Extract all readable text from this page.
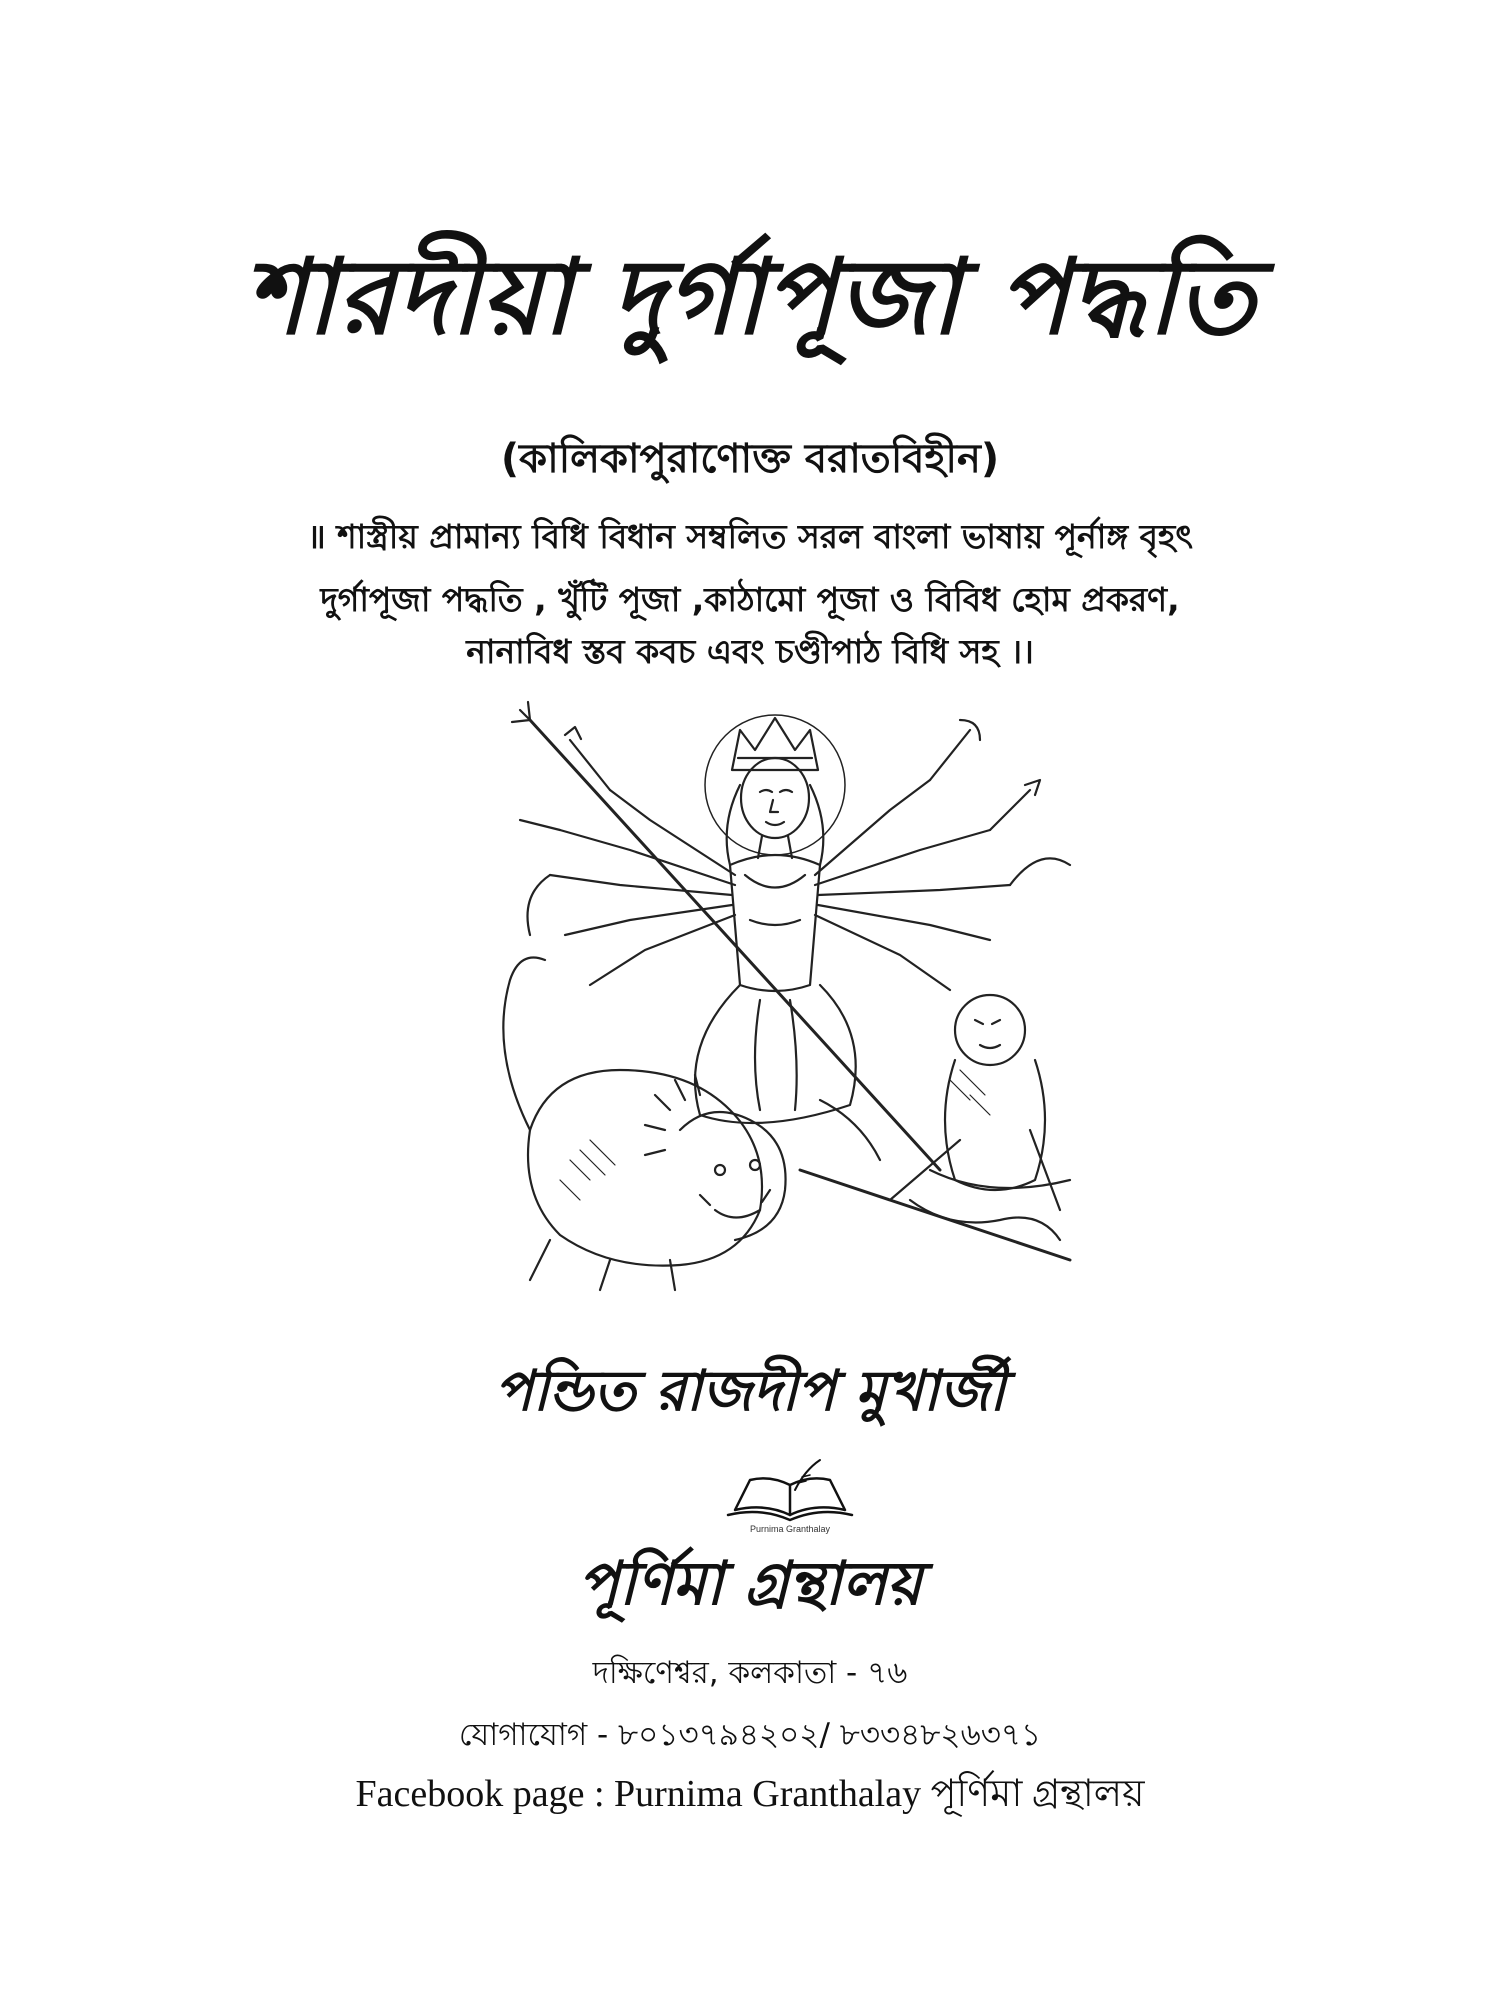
শারদীয়া দুর্গাপূজা পদ্ধতি
(কালিকাপুরাণোক্ত বরাতবিহীন)
॥ শাস্ত্রীয় প্রামান্য বিধি বিধান সম্বলিত সরল বাংলা ভাষায় পূর্নাঙ্গ বৃহৎ
দুর্গাপূজা পদ্ধতি , খুঁটি পূজা ,কাঠামো পূজা ও বিবিধ হোম প্রকরণ,
নানাবিধ স্তব কবচ এবং চণ্ডীপাঠ বিধি সহ ।।
পন্ডিত রাজদীপ মুখার্জী
Purnima Granthalay
পূর্ণিমা গ্রন্থালয়
দক্ষিণেশ্বর, কলকাতা - ৭৬
যোগাযোগ - ৮০১৩৭৯৪২০২/ ৮৩৩৪৮২৬৩৭১
Facebook page : Purnima Granthalay পূর্ণিমা গ্রন্থালয়
